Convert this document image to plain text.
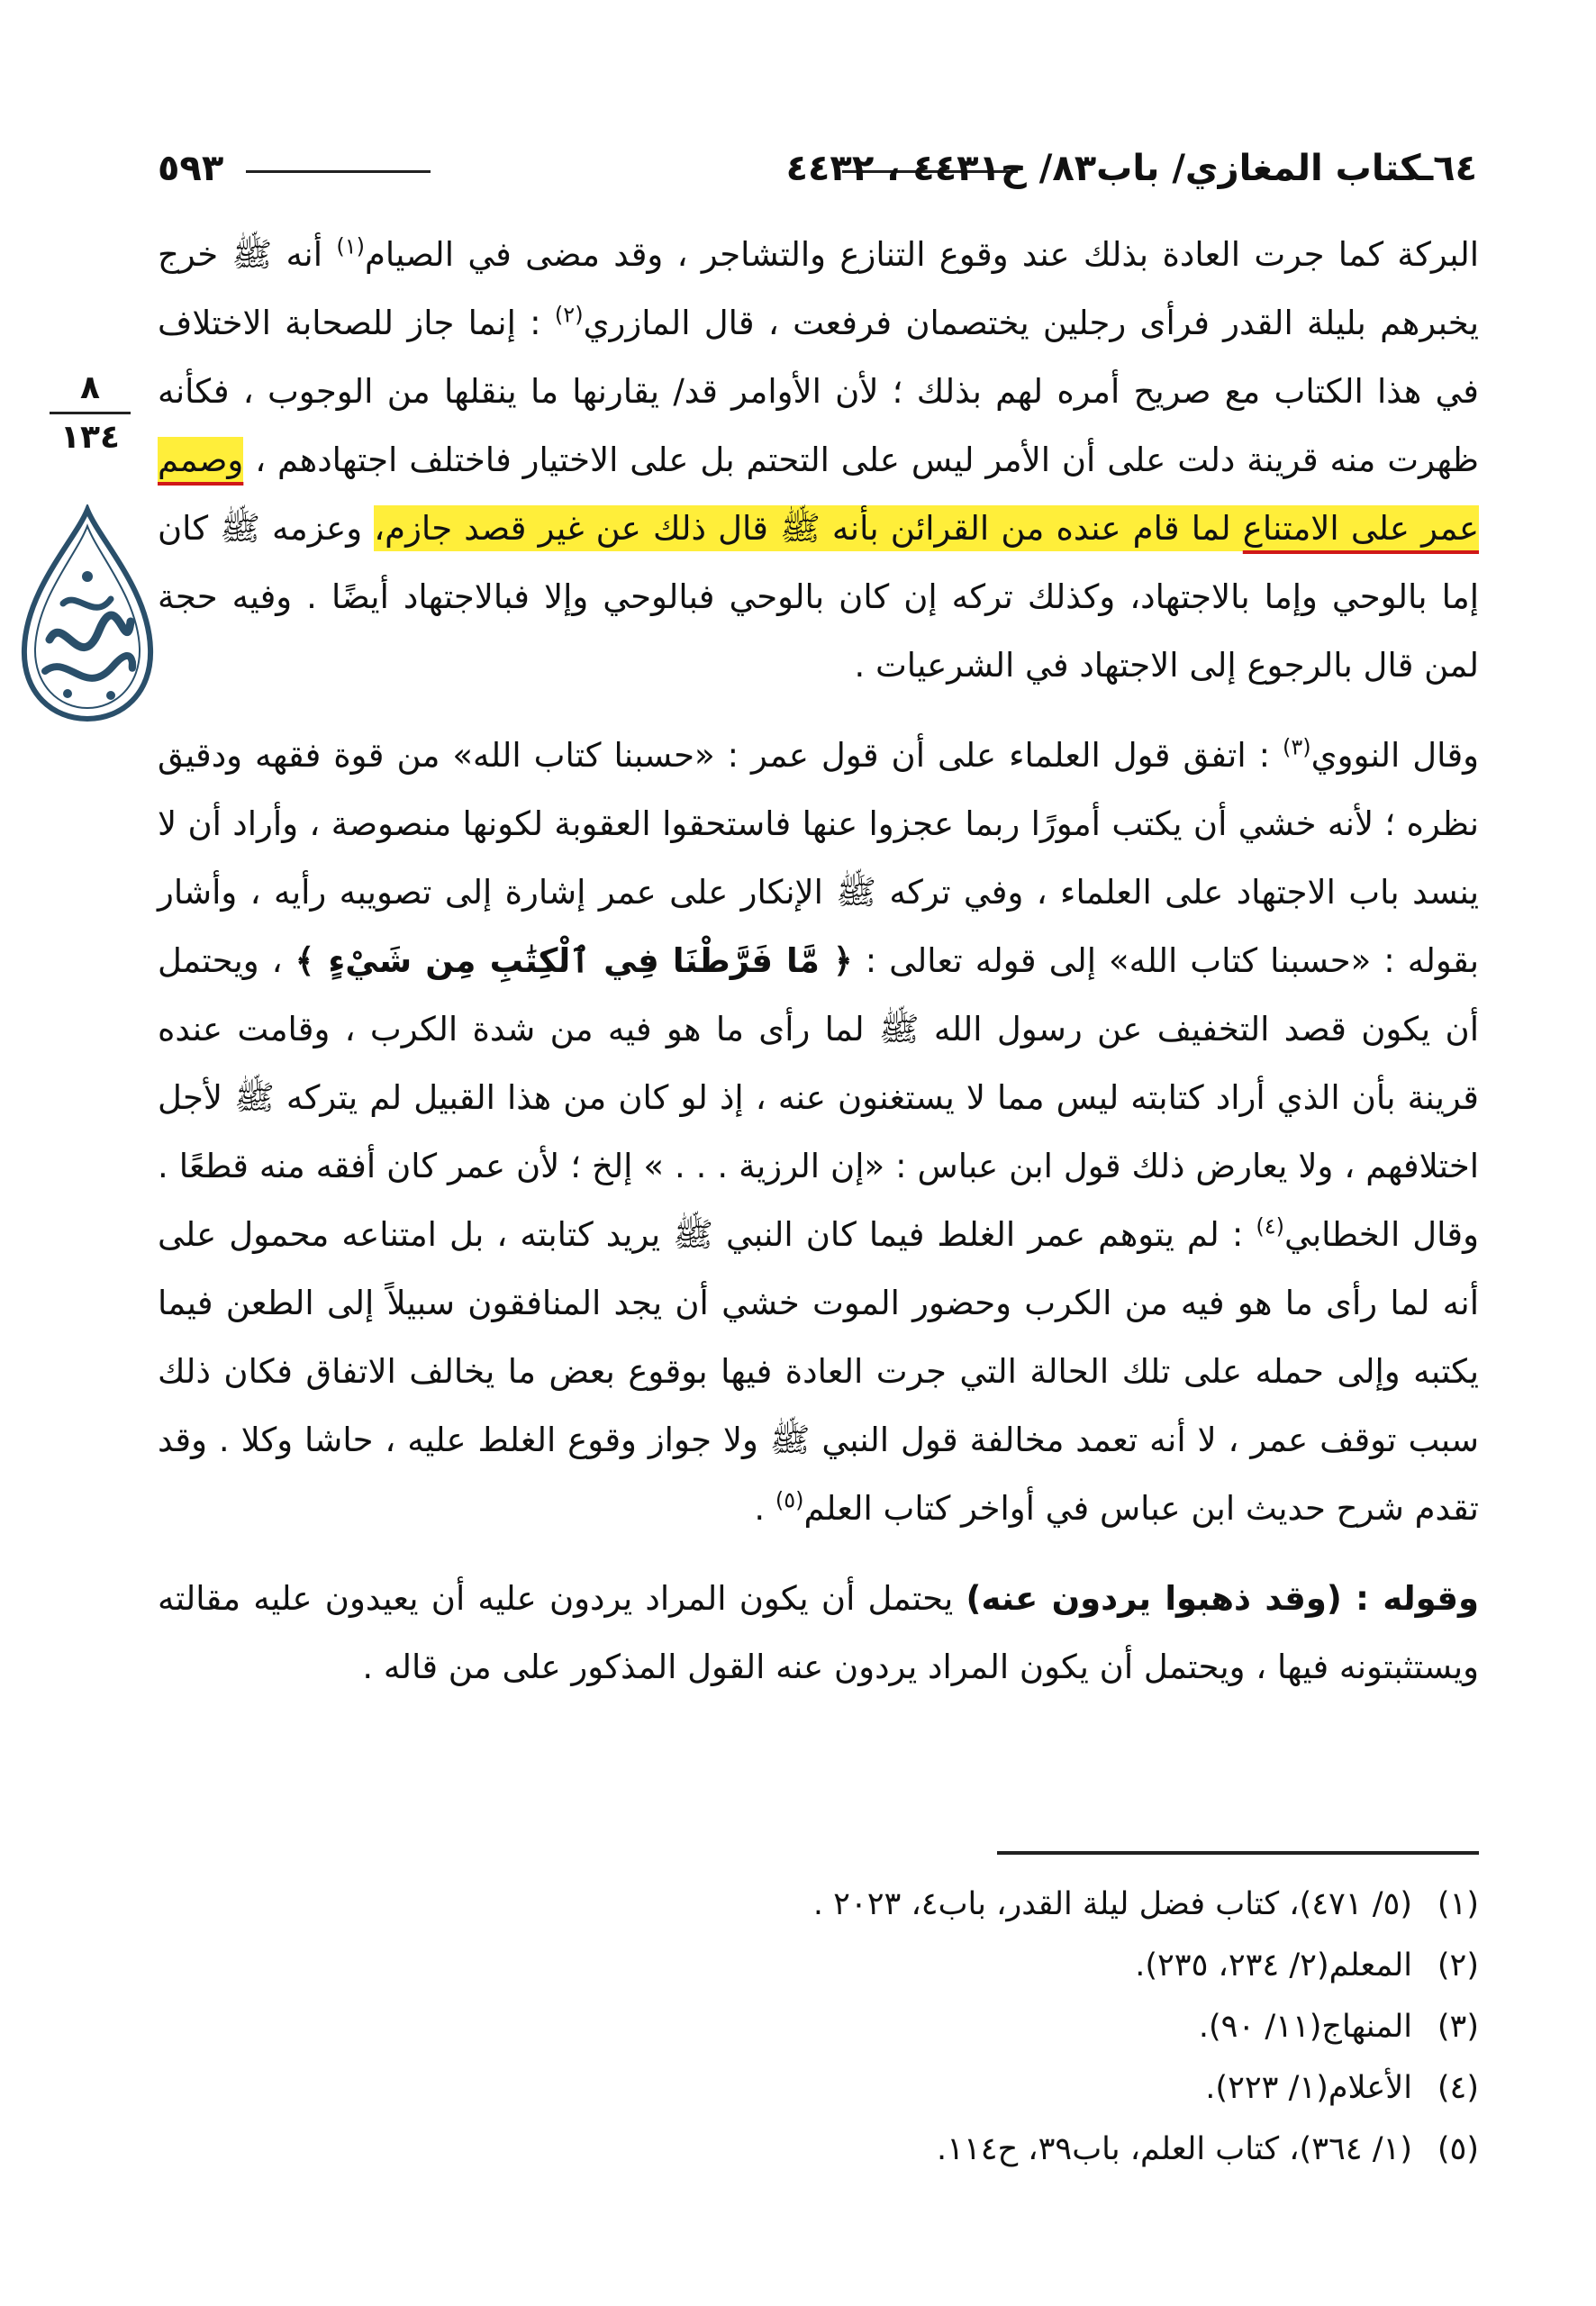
٥٩٣	٦٤ـكتاب المغازي/ باب٨٣/ ح٤٤٣١ ، ٤٤٣٢
٨
١٣٤

البركة كما جرت العادة بذلك عند وقوع التنازع والتشاجر ، وقد مضى في الصيام$^{(١)}$ أنه ﷺ خرج يخبرهم بليلة القدر فرأى رجلين يختصمان فرفعت ، قال المازري$^{(٢)}$ : إنما جاز للصحابة الاختلاف في هذا الكتاب مع صريح أمره لهم بذلك ؛ لأن الأوامر قد/ يقارنها ما ينقلها من الوجوب ، فكأنه ظهرت منه قرينة دلت على أن الأمر ليس على التحتم بل على الاختيار فاختلف اجتهادهم ، وصمم عمر على الامتناع لما قام عنده من القرائن بأنه ﷺ قال ذلك عن غير قصد جازم، وعزمه ﷺ كان إما بالوحي وإما بالاجتهاد، وكذلك تركه إن كان بالوحي فبالوحي وإلا فبالاجتهاد أيضًا . وفيه حجة لمن قال بالرجوع إلى الاجتهاد في الشرعيات .

وقال النووي$^{(٣)}$ : اتفق قول العلماء على أن قول عمر : «حسبنا كتاب الله» من قوة فقهه ودقيق نظره ؛ لأنه خشي أن يكتب أمورًا ربما عجزوا عنها فاستحقوا العقوبة لكونها منصوصة ، وأراد أن لا ينسد باب الاجتهاد على العلماء ، وفي تركه ﷺ الإنكار على عمر إشارة إلى تصويبه رأيه ، وأشار بقوله : «حسبنا كتاب الله» إلى قوله تعالى : ﴿ مَّا فَرَّطْنَا فِي ٱلْكِتَٰبِ مِن شَيْءٍ ﴾ ، ويحتمل أن يكون قصد التخفيف عن رسول الله ﷺ لما رأى ما هو فيه من شدة الكرب ، وقامت عنده قرينة بأن الذي أراد كتابته ليس مما لا يستغنون عنه ، إذ لو كان من هذا القبيل لم يتركه ﷺ لأجل اختلافهم ، ولا يعارض ذلك قول ابن عباس : «إن الرزية . . . » إلخ ؛ لأن عمر كان أفقه منه قطعًا . وقال الخطابي$^{(٤)}$ : لم يتوهم عمر الغلط فيما كان النبي ﷺ يريد كتابته ، بل امتناعه محمول على أنه لما رأى ما هو فيه من الكرب وحضور الموت خشي أن يجد المنافقون سبيلاً إلى الطعن فيما يكتبه وإلى حمله على تلك الحالة التي جرت العادة فيها بوقوع بعض ما يخالف الاتفاق فكان ذلك سبب توقف عمر ، لا أنه تعمد مخالفة قول النبي ﷺ ولا جواز وقوع الغلط عليه ، حاشا وكلا . وقد تقدم شرح حديث ابن عباس في أواخر كتاب العلم$^{(٥)}$ .

وقوله : (وقد ذهبوا يردون عنه) يحتمل أن يكون المراد يردون عليه أن يعيدون عليه مقالته ويستثبتونه فيها ، ويحتمل أن يكون المراد يردون عنه القول المذكور على من قاله .

(١)
(٥/ ٤٧١)، كتاب فضل ليلة القدر، باب٤، ٢٠٢٣ .
(٢)
المعلم(٢/ ٢٣٤، ٢٣٥).
(٣)
المنهاج(١١/ ٩٠).
(٤)
الأعلام(١/ ٢٢٣).
(٥)
(١/ ٣٦٤)، كتاب العلم، باب٣٩، ح١١٤.
